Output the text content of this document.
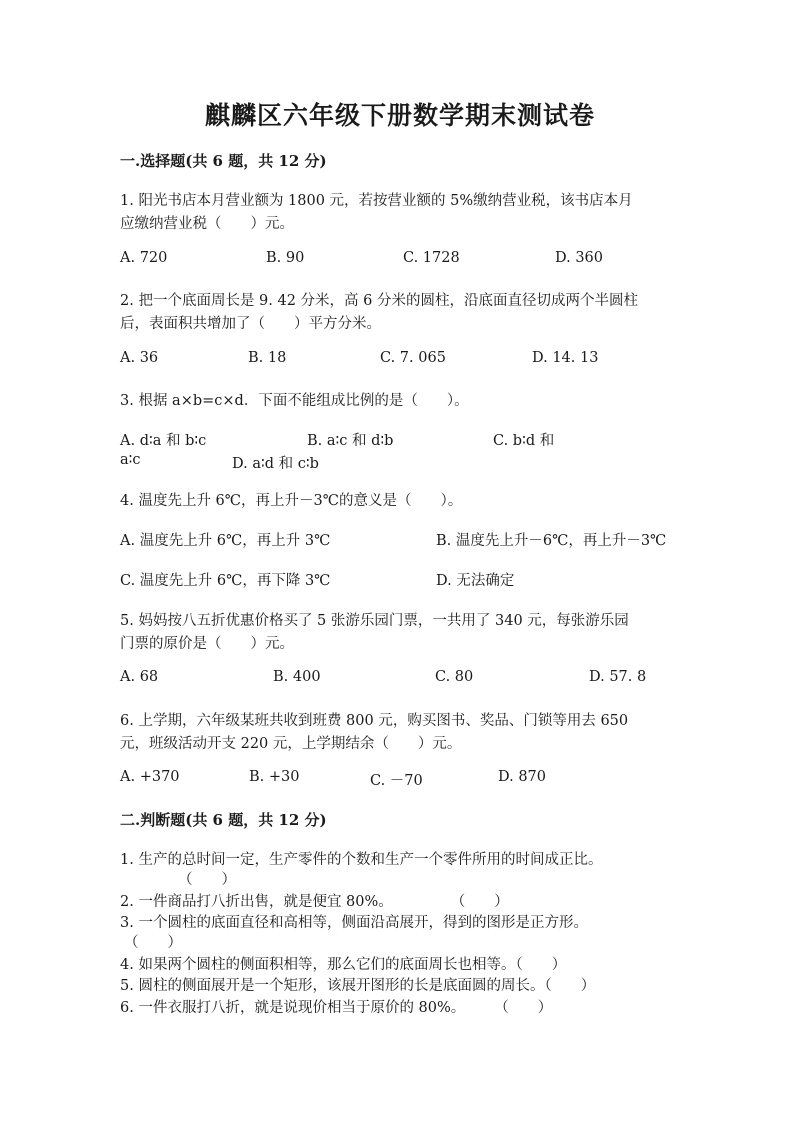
麒麟区六年级下册数学期末测试卷
一.选择题(共 6 题，共 12 分)
1. 阳光书店本月营业额为 1800 元，若按营业额的 5%缴纳营业税，该书店本月
应缴纳营业税（　　）元。
A. 720	B. 90	C. 1728	D. 360
2. 把一个底面周长是 9. 42 分米，高 6 分米的圆柱，沿底面直径切成两个半圆柱
后，表面积共增加了（　　）平方分米。
A. 36	B. 18	C. 7. 065	D. 14. 13
3. 根据 a×b=c×d．下面不能组成比例的是（　　）。
A. d∶a 和 b∶c	B. a∶c 和 d∶b	C. b∶d 和
a∶c	D. a∶d 和 c∶b
4. 温度先上升 6℃，再上升－3℃的意义是（　　）。
A. 温度先上升 6℃，再上升 3℃	B. 温度先上升－6℃，再上升－3℃
C. 温度先上升 6℃，再下降 3℃	D. 无法确定
5. 妈妈按八五折优惠价格买了 5 张游乐园门票，一共用了 340 元，每张游乐园
门票的原价是（　　）元。
A. 68	B. 400	C. 80	D. 57. 8
6. 上学期，六年级某班共收到班费 800 元，购买图书、奖品、门锁等用去 650
元，班级活动开支 220 元，上学期结余（　　）元。
A. +370	B. +30	C. －70	D. 870
二.判断题(共 6 题，共 12 分)
1. 生产的总时间一定，生产零件的个数和生产一个零件所用的时间成正比。
（　　）
2. 一件商品打八折出售，就是便宜 80%。　　　　　（　　）
3. 一个圆柱的底面直径和高相等，侧面沿高展开，得到的图形是正方形。
（　　）
4. 如果两个圆柱的侧面积相等，那么它们的底面周长也相等。（　　）
5. 圆柱的侧面展开是一个矩形，该展开图形的长是底面圆的周长。（　　）
6. 一件衣服打八折，就是说现价相当于原价的 80%。　　　（　　）
